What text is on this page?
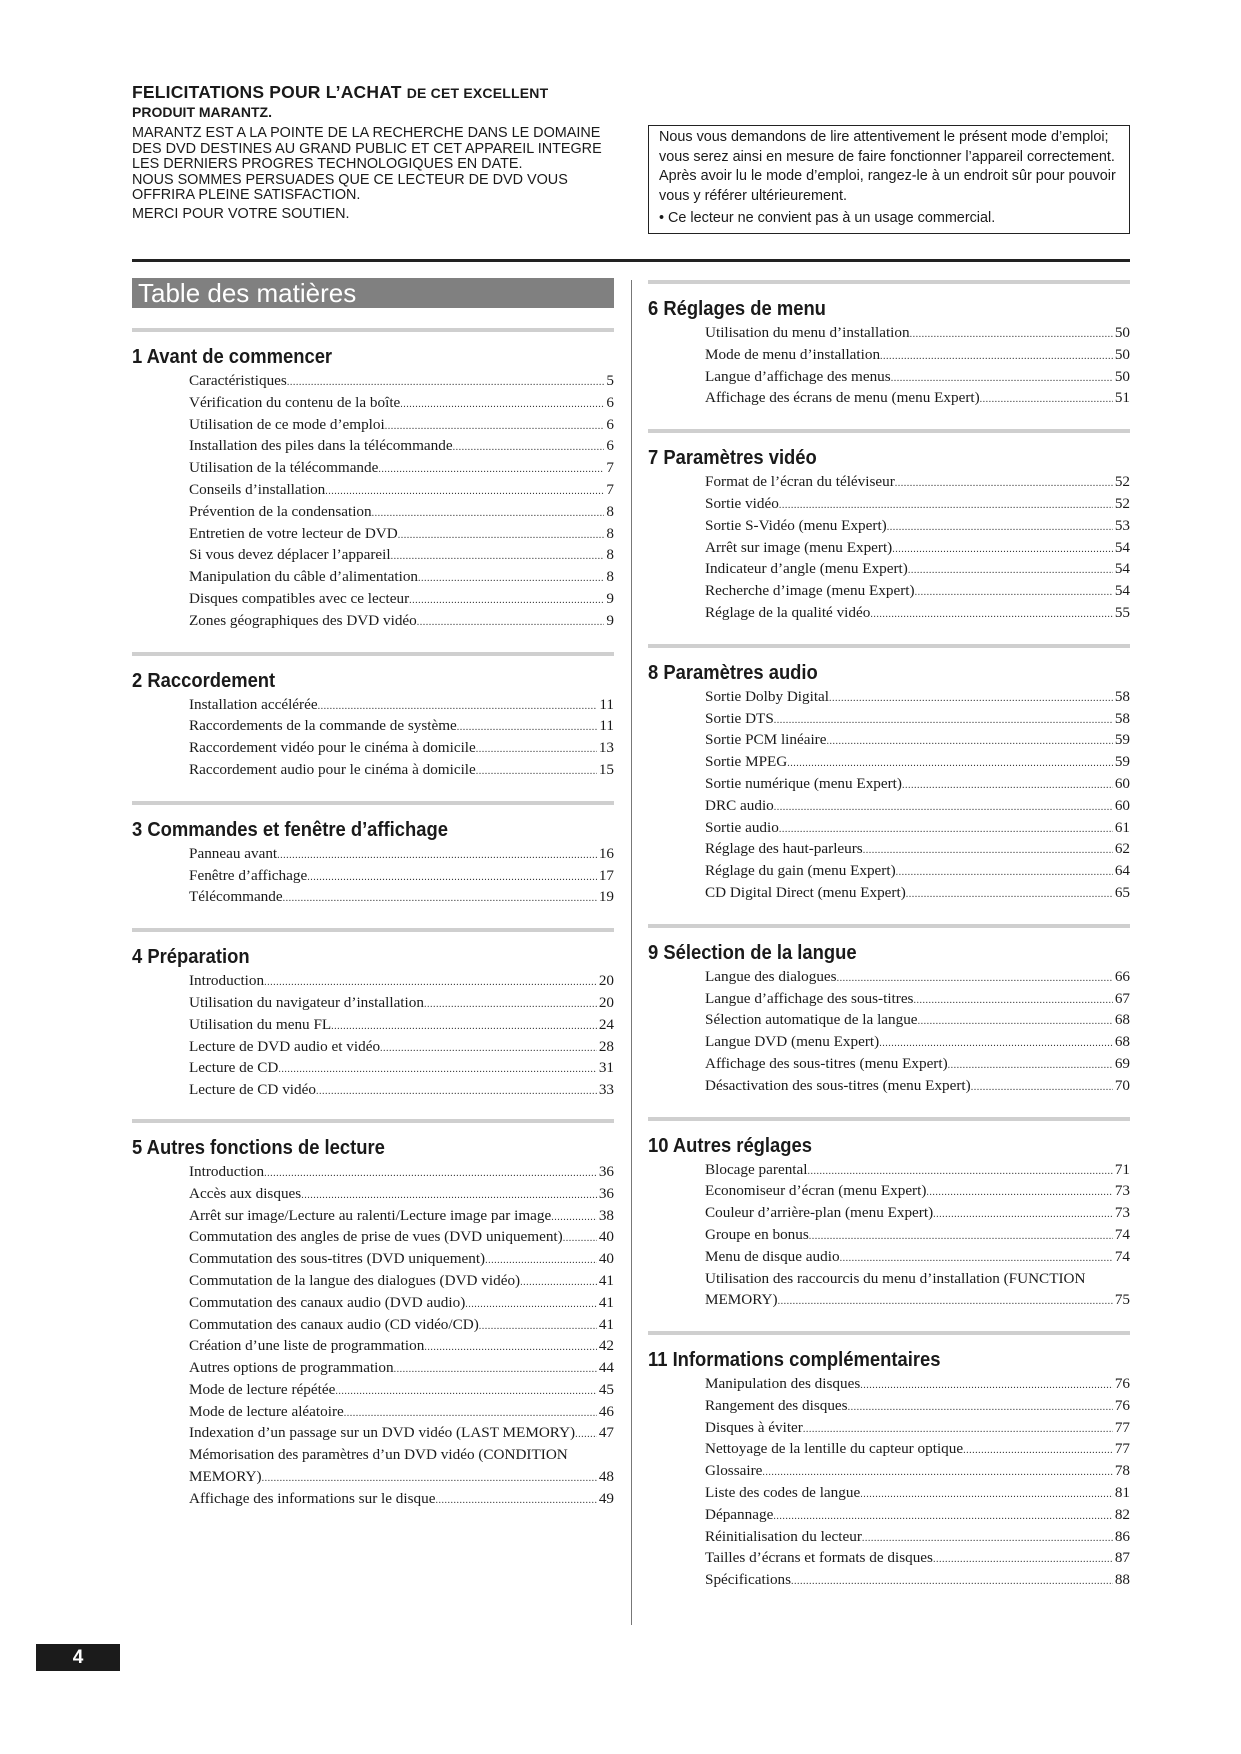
FELICITATIONS POUR L’ACHAT DE CET EXCELLENT
PRODUIT MARANTZ.

MARANTZ EST A LA POINTE DE LA RECHERCHE DANS LE DOMAINE DES DVD DESTINES AU GRAND PUBLIC ET CET APPAREIL INTEGRE LES DERNIERS PROGRES TECHNOLOGIQUES EN DATE.

NOUS SOMMES PERSUADES QUE CE LECTEUR DE DVD VOUS OFFRIRA PLEINE SATISFACTION.

MERCI POUR VOTRE SOUTIEN.

Nous vous demandons de lire attentivement le présent mode d’emploi; vous serez ainsi en mesure de faire fonctionner l’appareil correctement. Après avoir lu le mode d’emploi, rangez-le à un endroit sûr pour pouvoir vous y référer ultérieurement.

• Ce lecteur ne convient pas à un usage commercial.

Table des matières
1 Avant de commencer
Caractéristiques .....	5
Vérification du contenu de la boîte .....	6
Utilisation de ce mode d’emploi .....	6
Installation des piles dans la télécommande .....	6
Utilisation de la télécommande .....	7
Conseils d’installation .....	7
Prévention de la condensation .....	8
Entretien de votre lecteur de DVD .....	8
Si vous devez déplacer l’appareil .....	8
Manipulation du câble d’alimentation .....	8
Disques compatibles avec ce lecteur .....	9
Zones géographiques des DVD vidéo .....	9
2 Raccordement
Installation accélérée .....	11
Raccordements de la commande de système .....	11
Raccordement vidéo pour le cinéma à domicile .....	13
Raccordement audio pour le cinéma à domicile .....	15
3 Commandes et fenêtre d’affichage
Panneau avant .....	16
Fenêtre d’affichage .....	17
Télécommande .....	19
4 Préparation
Introduction .....	20
Utilisation du navigateur d’installation .....	20
Utilisation du menu FL .....	24
Lecture de DVD audio et vidéo .....	28
Lecture de CD .....	31
Lecture de CD vidéo .....	33
5 Autres fonctions de lecture
Introduction .....	36
Accès aux disques .....	36
Arrêt sur image/Lecture au ralenti/Lecture image par image .....	38
Commutation des angles de prise de vues (DVD uniquement) ..... 40
Commutation des sous-titres (DVD uniquement) .....	40
Commutation de la langue des dialogues (DVD vidéo) .....	41
Commutation des canaux audio (DVD audio) .....	41
Commutation des canaux audio (CD vidéo/CD) .....	41
Création d’une liste de programmation .....	42
Autres options de programmation .....	44
Mode de lecture répétée .....	45
Mode de lecture aléatoire .....	46
Indexation d’un passage sur un DVD vidéo (LAST MEMORY) ..... 47
Mémorisation des paramètres d’un DVD vidéo (CONDITION
MEMORY) .....	48
Affichage des informations sur le disque .....	49
6 Réglages de menu
Utilisation du menu d’installation .....	50
Mode de menu d’installation .....	50
Langue d’affichage des menus .....	50
Affichage des écrans de menu (menu Expert) .....	51
7 Paramètres vidéo
Format de l’écran du téléviseur .....	52
Sortie vidéo .....	52
Sortie S-Vidéo (menu Expert) .....	53
Arrêt sur image (menu Expert) .....	54
Indicateur d’angle (menu Expert) .....	54
Recherche d’image (menu Expert) .....	54
Réglage de la qualité vidéo .....	55
8 Paramètres audio
Sortie Dolby Digital .....	58
Sortie DTS .....	58
Sortie PCM linéaire .....	59
Sortie MPEG .....	59
Sortie numérique (menu Expert) .....	60
DRC audio .....	60
Sortie audio .....	61
Réglage des haut-parleurs .....	62
Réglage du gain (menu Expert) .....	64
CD Digital Direct (menu Expert) .....	65
9 Sélection de la langue
Langue des dialogues .....	66
Langue d’affichage des sous-titres .....	67
Sélection automatique de la langue .....	68
Langue DVD (menu Expert) .....	68
Affichage des sous-titres (menu Expert) .....	69
Désactivation des sous-titres (menu Expert) .....	70
10 Autres réglages
Blocage parental .....	71
Economiseur d’écran (menu Expert) .....	73
Couleur d’arrière-plan (menu Expert) .....	73
Groupe en bonus .....	74
Menu de disque audio .....	74
Utilisation des raccourcis du menu d’installation (FUNCTION
MEMORY) .....	75
11 Informations complémentaires
Manipulation des disques .....	76
Rangement des disques .....	76
Disques à éviter .....	77
Nettoyage de la lentille du capteur optique .....	77
Glossaire .....	78
Liste des codes de langue .....	81
Dépannage .....	82
Réinitialisation du lecteur .....	86
Tailles d’écrans et formats de disques .....	87
Spécifications .....	88
4
